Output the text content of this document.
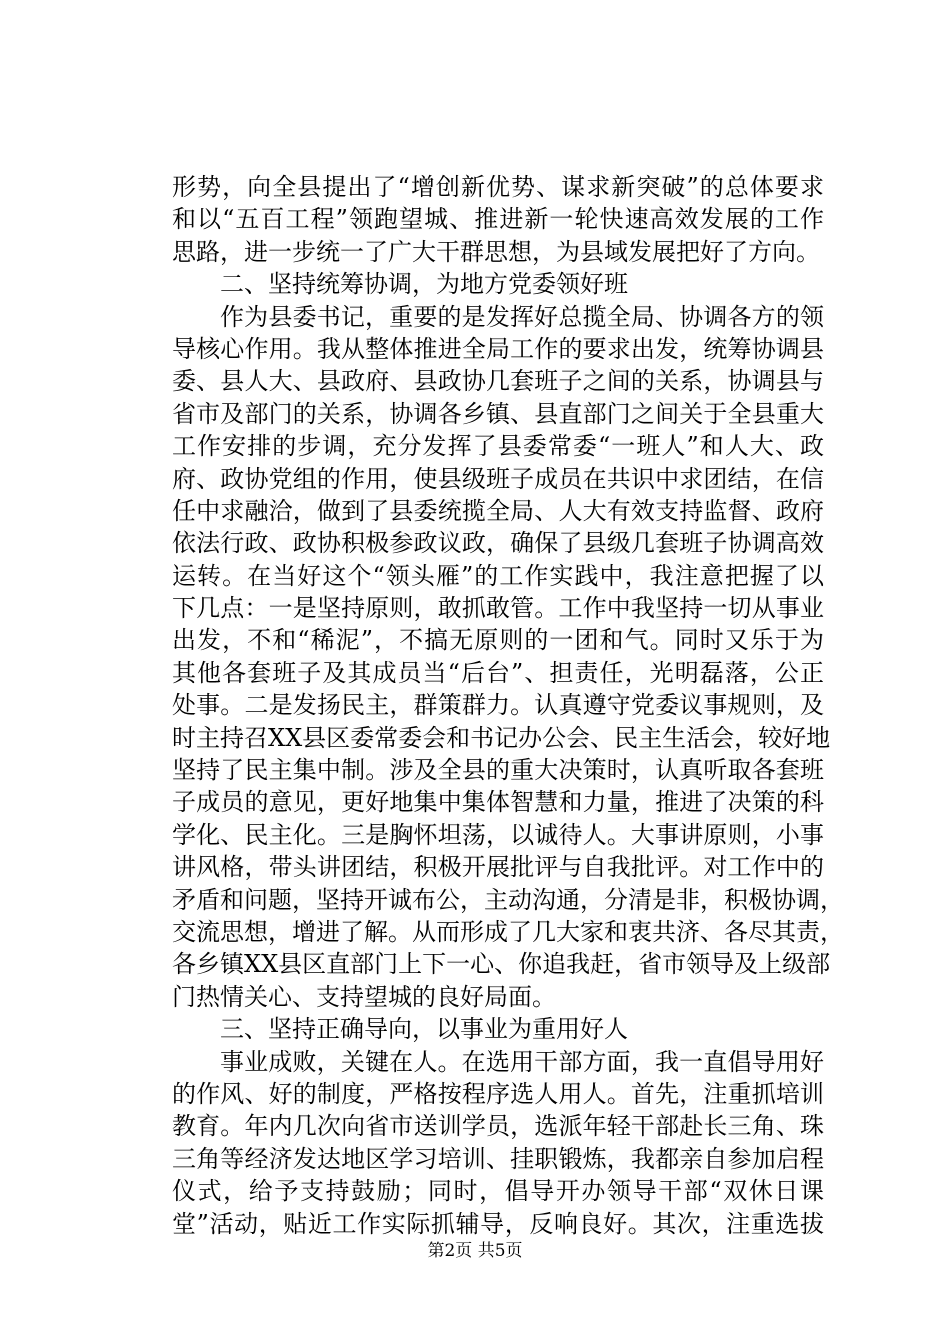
形势，向全县提出了“增创新优势、谋求新突破”的总体要求
和以“五百工程”领跑望城、推进新一轮快速高效发展的工作
思路，进一步统一了广大干群思想，为县域发展把好了方向。
二、坚持统筹协调，为地方党委领好班
作为县委书记，重要的是发挥好总揽全局、协调各方的领
导核心作用。我从整体推进全局工作的要求出发，统筹协调县
委、县人大、县政府、县政协几套班子之间的关系，协调县与
省市及部门的关系，协调各乡镇、县直部门之间关于全县重大
工作安排的步调，充分发挥了县委常委“一班人”和人大、政
府、政协党组的作用，使县级班子成员在共识中求团结，在信
任中求融洽，做到了县委统揽全局、人大有效支持监督、政府
依法行政、政协积极参政议政，确保了县级几套班子协调高效
运转。在当好这个“领头雁”的工作实践中，我注意把握了以
下几点：一是坚持原则，敢抓敢管。工作中我坚持一切从事业
出发，不和“稀泥”，不搞无原则的一团和气。同时又乐于为
其他各套班子及其成员当“后台”、担责任，光明磊落，公正
处事。二是发扬民主，群策群力。认真遵守党委议事规则，及
时主持召XX县区委常委会和书记办公会、民主生活会，较好地
坚持了民主集中制。涉及全县的重大决策时，认真听取各套班
子成员的意见，更好地集中集体智慧和力量，推进了决策的科
学化、民主化。三是胸怀坦荡，以诚待人。大事讲原则，小事
讲风格，带头讲团结，积极开展批评与自我批评。对工作中的
矛盾和问题，坚持开诚布公，主动沟通，分清是非，积极协调，
交流思想，增进了解。从而形成了几大家和衷共济、各尽其责，
各乡镇XX县区直部门上下一心、你追我赶，省市领导及上级部
门热情关心、支持望城的良好局面。
三、坚持正确导向，以事业为重用好人
事业成败，关键在人。在选用干部方面，我一直倡导用好
的作风、好的制度，严格按程序选人用人。首先，注重抓培训
教育。年内几次向省市送训学员，选派年轻干部赴长三角、珠
三角等经济发达地区学习培训、挂职锻炼，我都亲自参加启程
仪式，给予支持鼓励；同时，倡导开办领导干部“双休日课
堂”活动，贴近工作实际抓辅导，反响良好。其次，注重选拔
第2页 共5页
